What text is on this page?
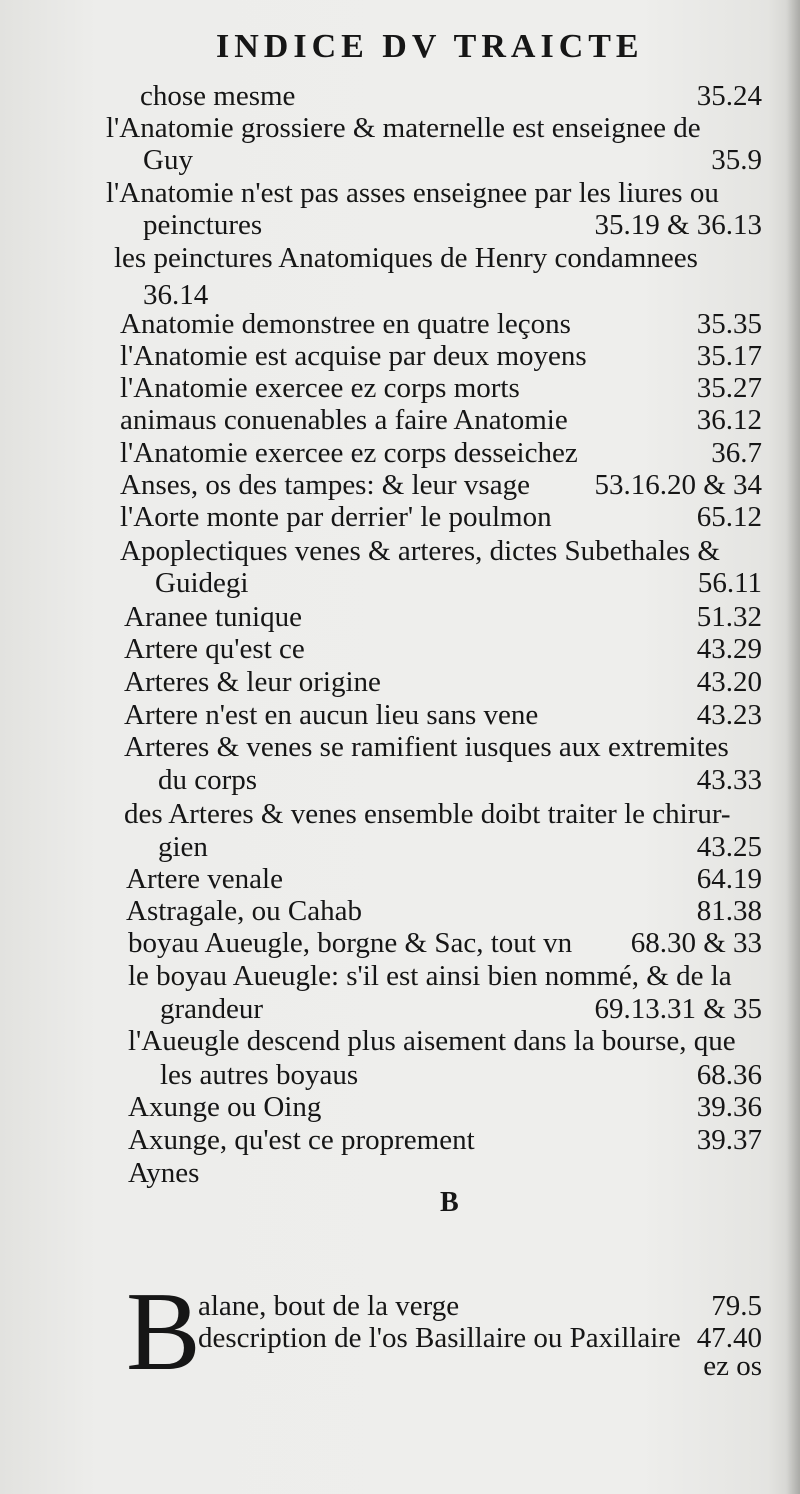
INDICE DV TRAICTE
chose mesme	35.24
l'Anatomie grossiere & maternelle est enseignee de
Guy	35.9
l'Anatomie n'est pas asses enseignee par les liures ou
peinctures	35.19 & 36.13
les peinctures Anatomiques de Henry condamnees
36.14
Anatomie demonstree en quatre leçons	35.35
l'Anatomie est acquise par deux moyens	35.17
l'Anatomie exercee ez corps morts	35.27
animaus conuenables a faire Anatomie	36.12
l'Anatomie exercee ez corps desseichez	36.7
Anses, os des tampes: & leur vsage 53.16.20 & 34
l'Aorte monte par derrier' le poulmon	65.12
Apoplectiques venes & arteres, dictes Subethales &
Guidegi	56.11
Aranee tunique	51.32
Artere qu'est ce	43.29
Arteres & leur origine	43.20
Artere n'est en aucun lieu sans vene	43.23
Arteres & venes se ramifient iusques aux extremites
du corps	43.33
des Arteres & venes ensemble doibt traiter le chirur-
gien	43.25
Artere venale	64.19
Astragale, ou Cahab	81.38
boyau Aueugle, borgne & Sac, tout vn 68.30 & 33
le boyau Aueugle: s'il est ainsi bien nommé, & de la
grandeur	69.13.31 & 35
l'Aueugle descend plus aisement dans la bourse, que
les autres boyaus	68.36
Axunge ou Oing	39.36
Axunge, qu'est ce proprement	39.37
Aynes
B
B
alane, bout de la verge	79.5
description de l'os Basillaire ou Paxillaire 47.40
ez os
